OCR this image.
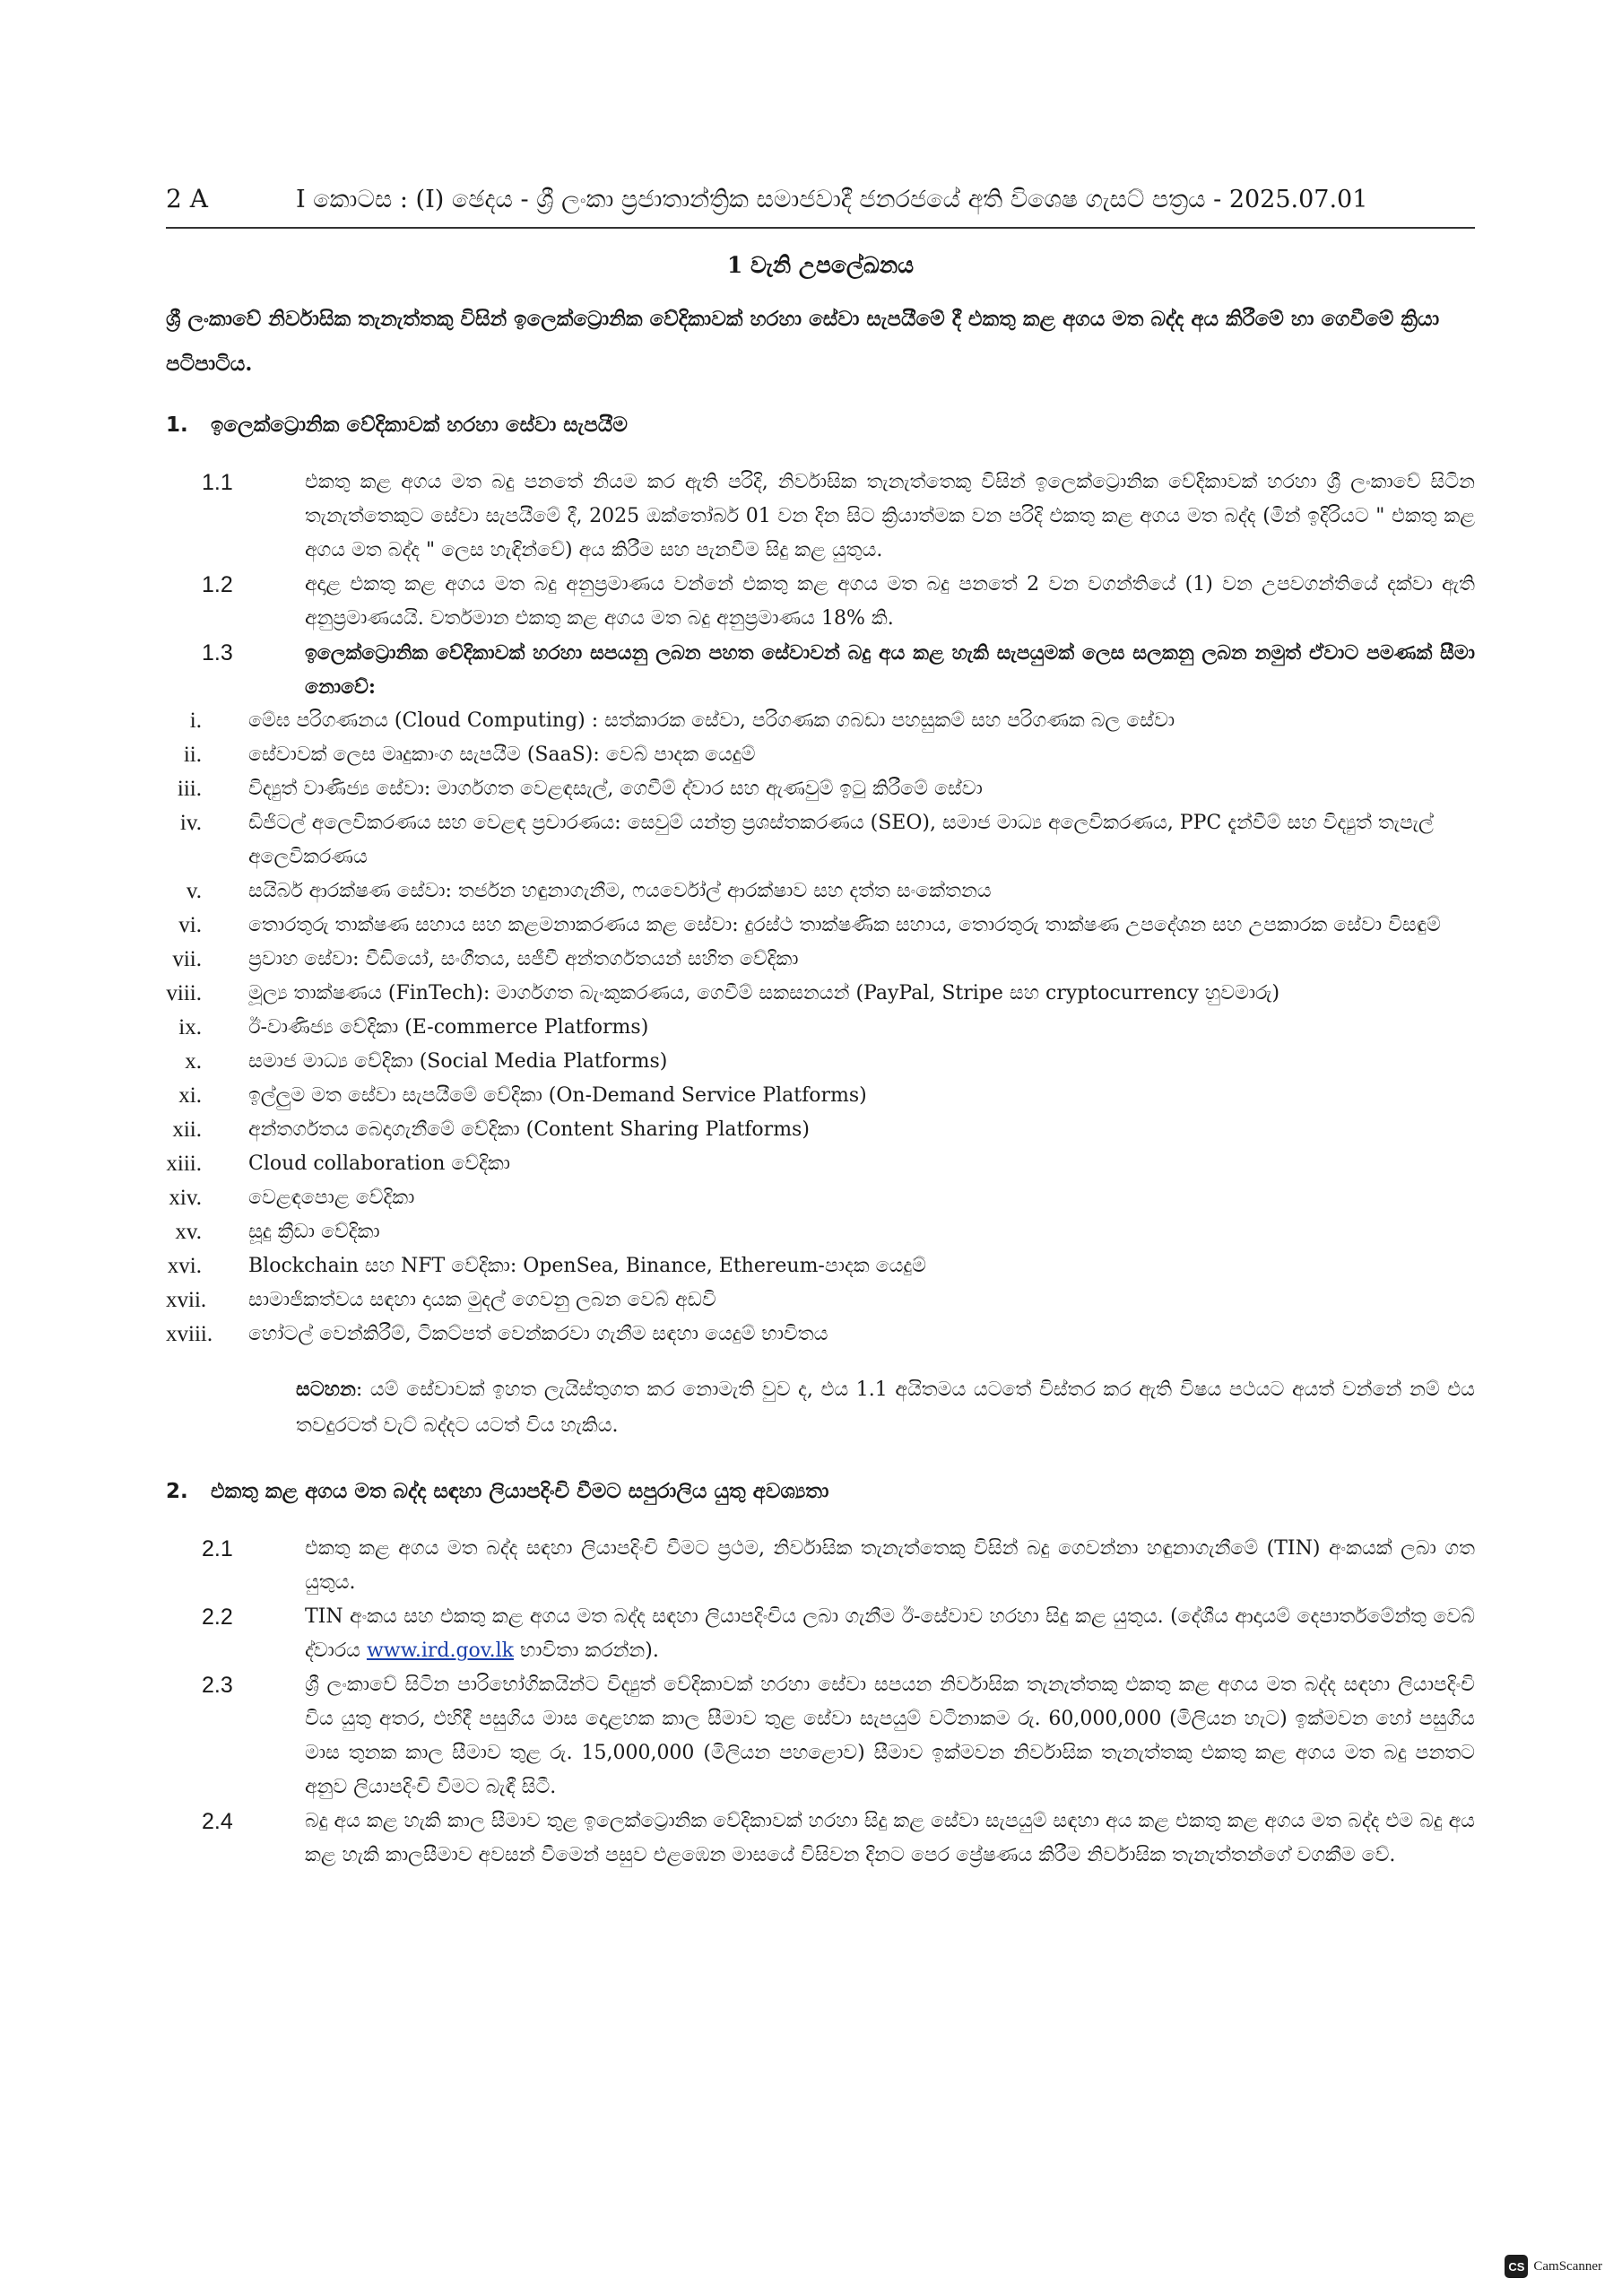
2 A	I කොටස : (I) ඡෙදය - ශ්‍රී ලංකා ප්‍රජාතාන්ත්‍රික සමාජවාදී ජනරජයේ අති විශෙෂ ගැසට් පත්‍රය - 2025.07.01
1 වැනි උපලේඛනය
ශ්‍රී ලංකාවේ නිර්වාසික තැනැත්තකු විසින් ඉලෙක්ට්‍රොනික වේදිකාවක් හරහා සේවා සැපයීමේ දී එකතු කළ අගය මත බද්ද අය කිරීමේ හා ගෙවීමේ ක්‍රියා පටිපාටිය.
1.	ඉලෙක්ට්‍රොනික වේදිකාවක් හරහා සේවා සැපයීම
1.1	එකතු කළ අගය මත බදු පනතේ නියම කර ඇති පරිදි, නිර්වාසික තැනැත්තෙකු විසින් ඉලෙක්ට්‍රොනික වේදිකාවක් හරහා ශ්‍රී ලංකාවේ සිටින තැනැත්තෙකුට සේවා සැපයීමේ දී, 2025 ඔක්තෝබර් 01 වන දින සිට ක්‍රියාත්මක වන පරිදි එකතු කළ අගය මත බද්ද (මින් ඉදිරියට " එකතු කළ අගය මත බද්ද " ලෙස හැඳින්වේ) අය කිරීම සහ පැනවීම සිදු කළ යුතුය.
1.2	අදාළ එකතු කළ අගය මත බදු අනුප්‍රමාණය වන්නේ එකතු කළ අගය මත බදු පනතේ 2 වන වගන්තියේ (1) වන උපවගන්තියේ දක්වා ඇති අනුප්‍රමාණයයි. වර්තමාන එකතු කළ අගය මත බදු අනුප්‍රමාණය 18% කි.
1.3	ඉලෙක්ට්‍රොනික වේදිකාවක් හරහා සපයනු ලබන පහත සේවාවන් බදු අය කළ හැකි සැපයුමක් ලෙස සලකනු ලබන නමුත් ඒවාට පමණක් සීමා නොවේ:
i.	මේඝ පරිගණනය (Cloud Computing) : සත්කාරක සේවා, පරිගණක ගබඩා පහසුකම් සහ පරිගණක බල සේවා
ii.	සේවාවක් ලෙස මෘදුකාංග සැපයීම (SaaS): වෙබ් පාදක යෙදුම්
iii.	විද්‍යුත් වාණිජ්‍ය සේවා: මාර්ගගත වෙළඳසැල්, ගෙවීම් ද්වාර සහ ඇණවුම් ඉටු කිරීමේ සේවා
iv.	ඩිජිටල් අලෙවිකරණය සහ වෙළඳ ප්‍රචාරණය: සෙවුම් යන්ත්‍ර ප්‍රශස්තකරණය (SEO), සමාජ මාධ්‍ය අලෙවිකරණය, PPC දැන්වීම් සහ විද්‍යුත් තැපැල් අලෙවිකරණය
v.	සයිබර් ආරක්ෂණ සේවා: තර්ජන හඳුනාගැනීම, ෆයර්වෝල් ආරක්ෂාව සහ දත්ත සංකේතනය
vi.	තොරතුරු තාක්ෂණ සහාය සහ කළමනාකරණය කළ සේවා: දුරස්ථ තාක්ෂණික සහාය, තොරතුරු තාක්ෂණ උපදේශන සහ උපකාරක සේවා විසඳුම්
vii.	ප්‍රවාහ සේවා: වීඩියෝ, සංගීතය, සජීවී අන්තර්ගතයන් සහිත වේදිකා
viii.	මූල්‍ය තාක්ෂණය (FinTech): මාර්ගගත බැංකුකරණය, ගෙවීම් සකසනයන් (PayPal, Stripe සහ cryptocurrency හුවමාරු)
ix.	ඊ-වාණිජ්‍ය වේදිකා (E-commerce Platforms)
x.	සමාජ මාධ්‍ය වේදිකා (Social Media Platforms)
xi.	ඉල්ලුම මත සේවා සැපයීමේ වේදිකා (On-Demand Service Platforms)
xii.	අන්තර්ගතය බෙදාගැනීමේ වේදිකා (Content Sharing Platforms)
xiii.	Cloud collaboration වේදිකා
xiv.	වෙළඳපොළ වේදිකා
xv.	සූදු ක්‍රීඩා වේදිකා
xvi.	Blockchain සහ NFT වේදිකා: OpenSea, Binance, Ethereum-පාදක යෙදුම්
xvii.	සාමාජිකත්වය සඳහා දායක මුදල් ගෙවනු ලබන වෙබ් අඩවි
xviii.	හෝටල් වෙන්කිරීම්, ටිකට්පත් වෙන්කරවා ගැනීම සඳහා යෙදුම් භාවිතය
සටහන: යම් සේවාවක් ඉහත ලැයිස්තුගත කර නොමැති වුව ද, එය 1.1 අයිතමය යටතේ විස්තර කර ඇති විෂය පථයට අයත් වන්නේ නම් එය තවදුරටත් වැට් බද්දට යටත් විය හැකිය.
2.	එකතු කළ අගය මත බද්ද සඳහා ලියාපදිංචි වීමට සපුරාලිය යුතු අවශ්‍යතා
2.1	එකතු කළ අගය මත බද්ද සඳහා ලියාපදිංචි වීමට ප්‍රථම, නිර්වාසික තැනැත්තෙකු විසින් බදු ගෙවන්නා හඳුනාගැනීමේ (TIN) අංකයක් ලබා ගත යුතුය.
2.2	TIN අංකය සහ එකතු කළ අගය මත බද්ද සඳහා ලියාපදිංචිය ලබා ගැනීම ඊ-සේවාව හරහා සිදු කළ යුතුය. (දේශීය ආදායම් දෙපාර්තමේන්තු වෙබ් ද්වාරය www.ird.gov.lk භාවිතා කරන්න).
2.3	ශ්‍රී ලංකාවේ සිටින පාරිභෝගිකයින්ට විද්‍යුත් වේදිකාවක් හරහා සේවා සපයන නිර්වාසික තැනැත්තකු එකතු කළ අගය මත බද්ද සඳහා ලියාපදිංචි විය යුතු අතර, එහිදී පසුගිය මාස දොළහක කාල සීමාව තුළ සේවා සැපයුම් වටිනාකම රු. 60,000,000 (මිලියන හැට) ඉක්මවන හෝ පසුගිය මාස තුනක කාල සීමාව තුළ රු. 15,000,000 (මිලියන පහළොව) සීමාව ඉක්මවන නිර්වාසික තැනැත්තකු එකතු කළ අගය මත බදු පනතට අනුව ලියාපදිංචි වීමට බැඳී සිටී.
2.4	බදු අය කළ හැකි කාල සීමාව තුළ ඉලෙක්ට්‍රොනික වේදිකාවක් හරහා සිදු කළ සේවා සැපයුම් සඳහා අය කළ එකතු කළ අගය මත බද්ද එම බදු අය කළ හැකි කාලසීමාව අවසන් වීමෙන් පසුව එළඹෙන මාසයේ විසිවන දිනට පෙර ප්‍රේෂණය කිරීම නිර්වාසික තැනැත්තන්ගේ වගකීම වේ.
CS CamScanner
